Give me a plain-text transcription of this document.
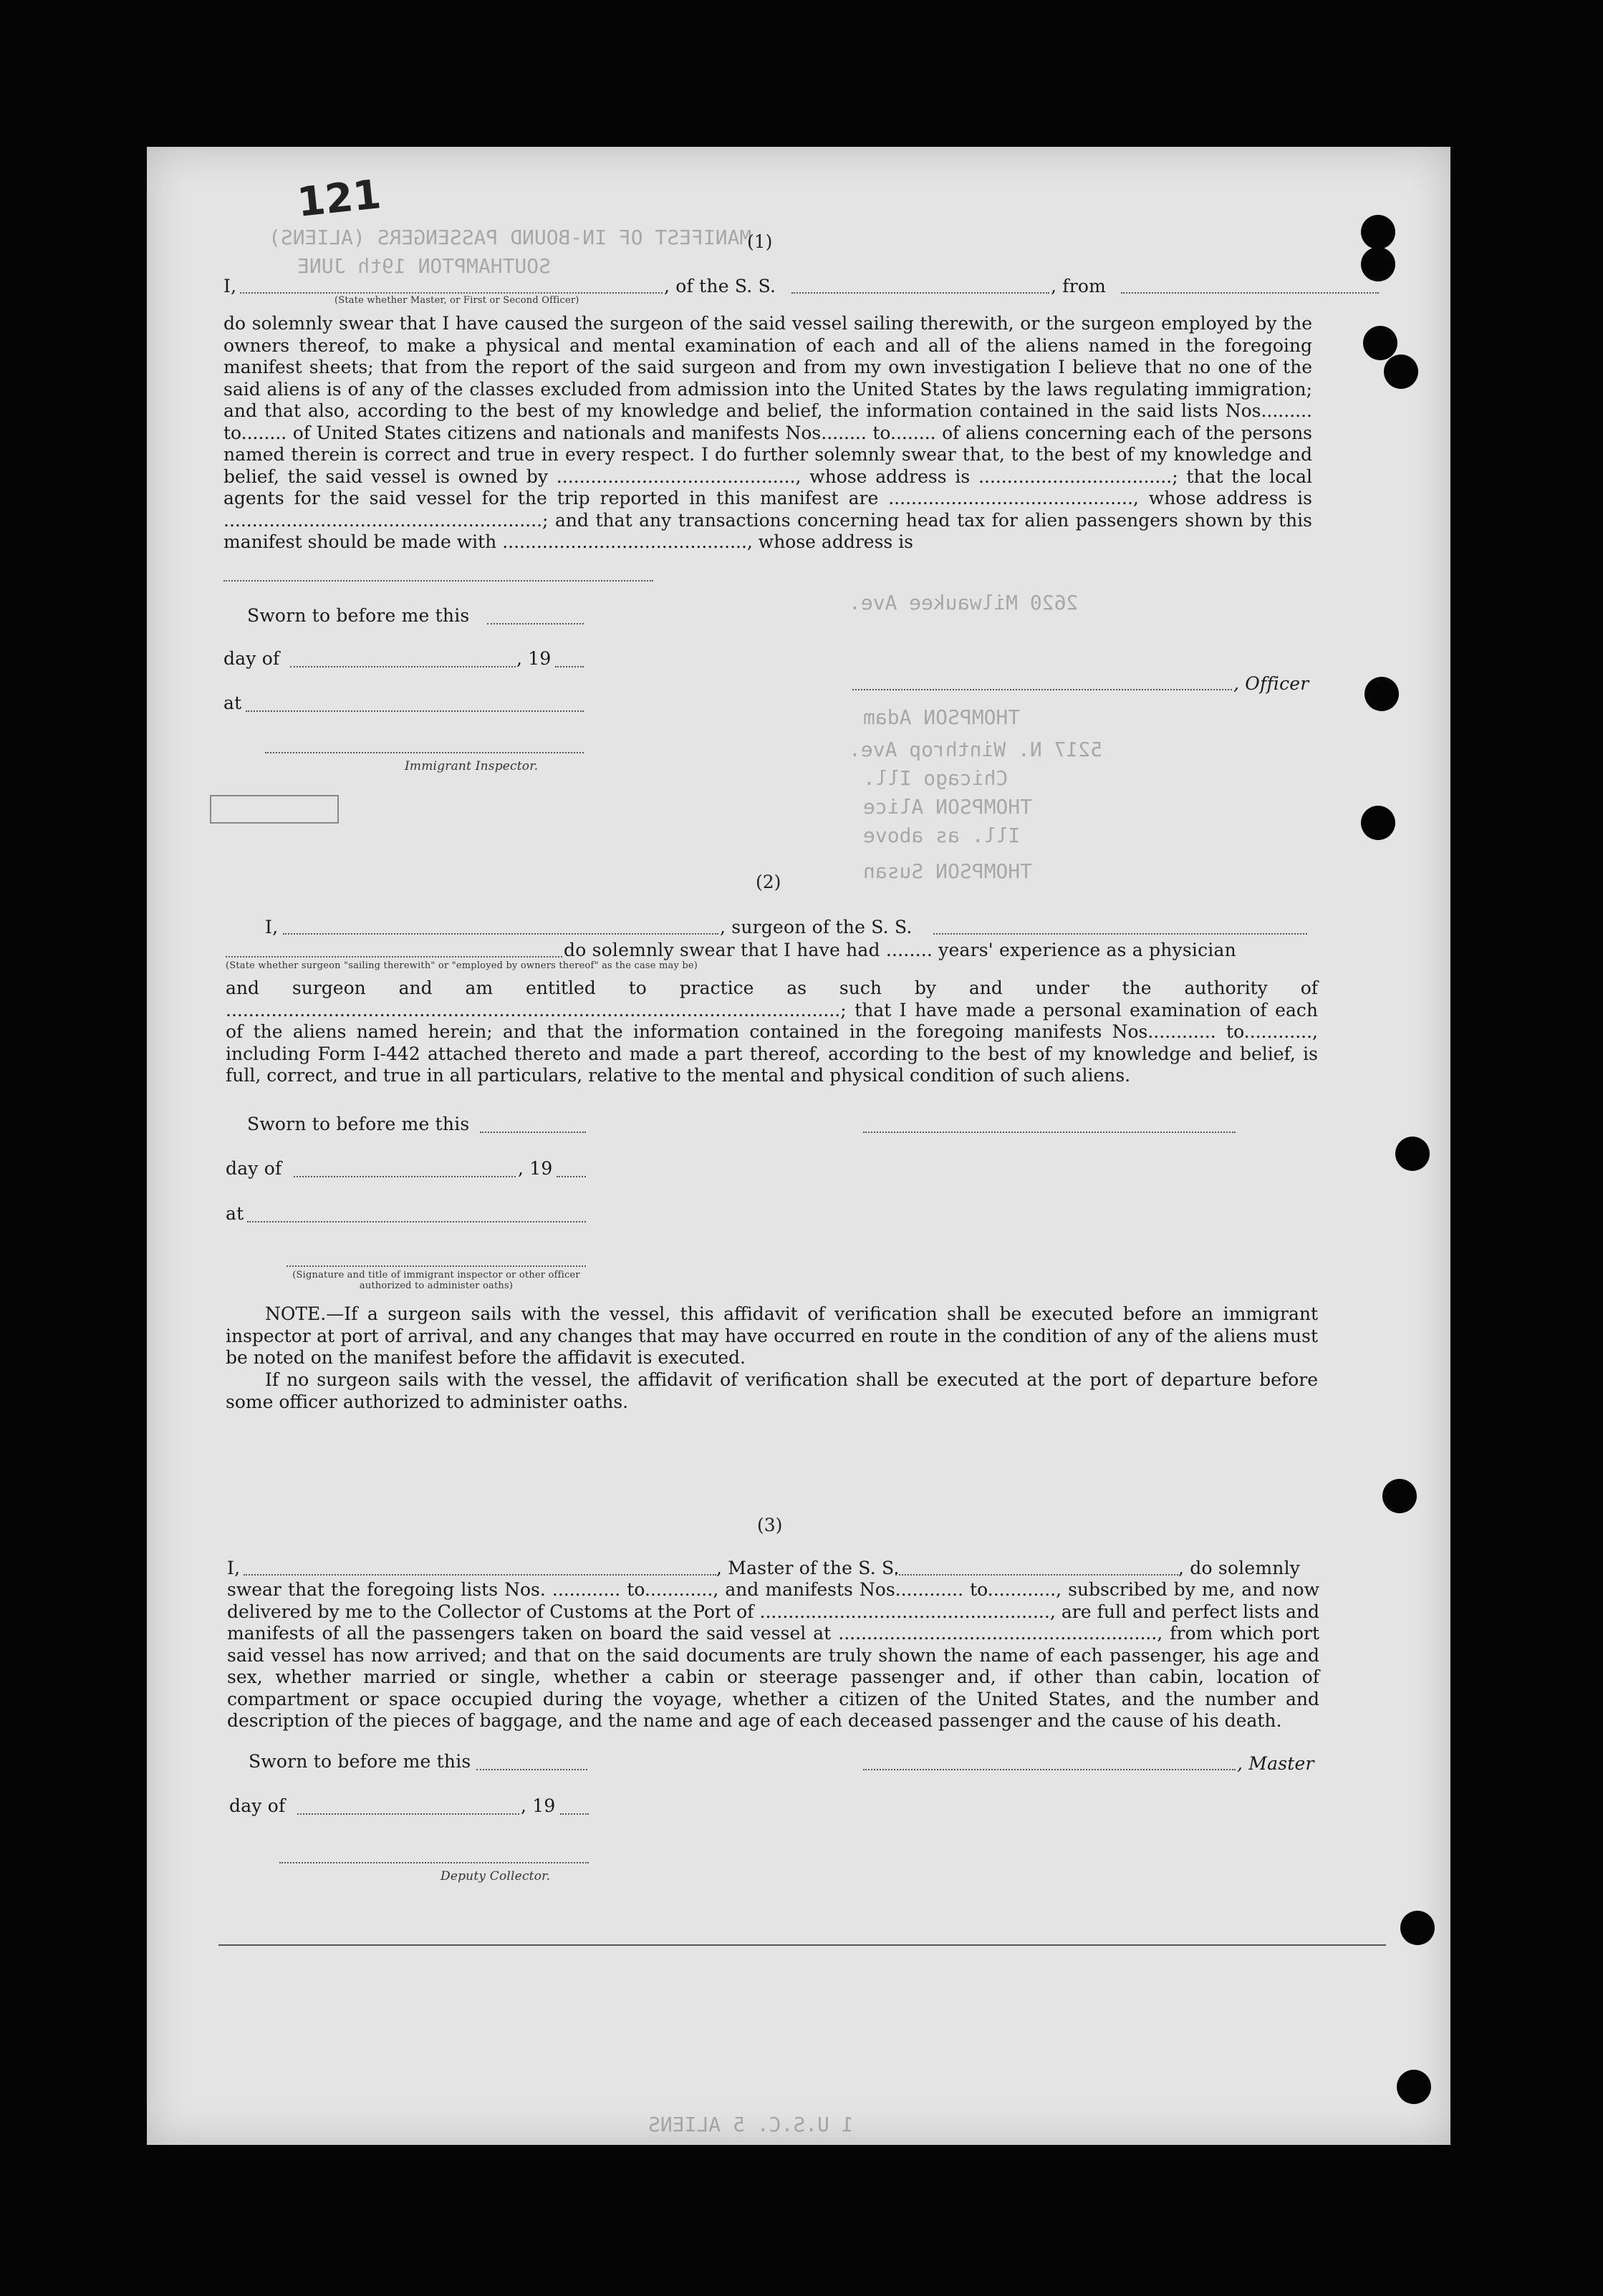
MANIFEST OF IN-BOUND PASSENGERS (ALIENS)
SOUTHAMPTON 19th JUNE
2620 Milwaukee Ave.
THOMPSON Adam
5217 N. Winthrop Ave.
Chicago Ill.
THOMPSON Alice
Ill. as above
THOMPSON Susan
1 U.S.C. 5 ALIENS
121
(1)
I,	, of the S. S.	, from
(State whether Master, or First or Second Officer)
do solemnly swear that I have caused the surgeon of the said vessel sailing therewith, or the surgeon employed by the owners thereof, to make a physical and mental examination of each and all of the aliens named in the foregoing manifest sheets; that from the report of the said surgeon and from my own investigation I believe that no one of the said aliens is of any of the classes excluded from admission into the United States by the laws regulating immigration; and that also, according to the best of my knowledge and belief, the information contained in the said lists Nos......... to........ of United States citizens and nationals and manifests Nos........ to........ of aliens concerning each of the persons named therein is correct and true in every respect. I do further solemnly swear that, to the best of my knowledge and belief, the said vessel is owned by .........................................., whose address is ..................................; that the local agents for the said vessel for the trip reported in this manifest are ..........................................., whose address is ........................................................; and that any transactions concerning head tax for alien passengers shown by this manifest should be made with ..........................................., whose address is
Sworn to before me this
day of	, 19
at
Immigrant Inspector.
, Officer
(2)
I,	, surgeon of the S. S.
do solemnly swear that I have had ........ years' experience as a physician
(State whether surgeon "sailing therewith" or "employed by owners thereof" as the case may be)
and surgeon and am entitled to practice as such by and under the authority of ............................................................................................................; that I have made a personal examination of each of the aliens named herein; and that the information contained in the foregoing manifests Nos............ to............, including Form I-442 attached thereto and made a part thereof, according to the best of my knowledge and belief, is full, correct, and true in all particulars, relative to the mental and physical condition of such aliens.
Sworn to before me this
day of	, 19
at
(Signature and title of immigrant inspector or other officer authorized to administer oaths)
NOTE.—If a surgeon sails with the vessel, this affidavit of verification shall be executed before an immigrant inspector at port of arrival, and any changes that may have occurred en route in the condition of any of the aliens must be noted on the manifest before the affidavit is executed.
If no surgeon sails with the vessel, the affidavit of verification shall be executed at the port of departure before some officer authorized to administer oaths.
(3)
I,	, Master of the S. S.	, do solemnly
swear that the foregoing lists Nos. ............ to............, and manifests Nos............ to............, subscribed by me, and now delivered by me to the Collector of Customs at the Port of ..................................................., are full and perfect lists and manifests of all the passengers taken on board the said vessel at ........................................................, from which port said vessel has now arrived; and that on the said documents are truly shown the name of each passenger, his age and sex, whether married or single, whether a cabin or steerage passenger and, if other than cabin, location of compartment or space occupied during the voyage, whether a citizen of the United States, and the number and description of the pieces of baggage, and the name and age of each deceased passenger and the cause of his death.
Sworn to before me this	, Master
day of	, 19
Deputy Collector.
